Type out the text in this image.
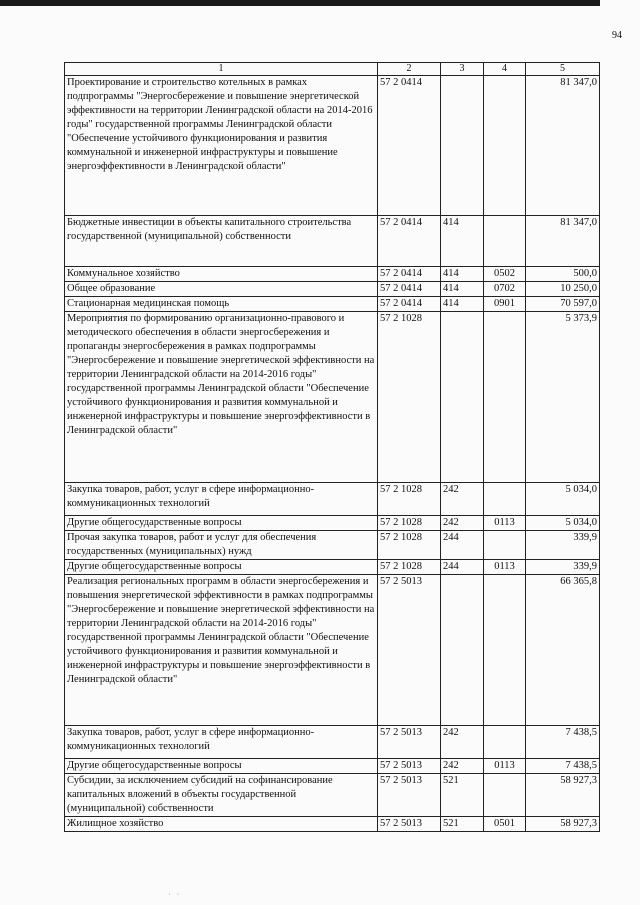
94
1	2	3	4	5
Проектирование и строительство котельных в рамках подпрограммы "Энергосбережение и повышение энергетической эффективности на территории Ленинградской области на 2014-2016 годы" государственной программы Ленинградской области "Обеспечение устойчивого функционирования и развития коммунальной и инженерной инфраструктуры и повышение энергоэффективности в Ленинградской области"	57 2 0414			81 347,0
Бюджетные инвестиции в объекты капитального строительства государственной (муниципальной) собственности	57 2 0414	414		81 347,0
Коммунальное хозяйство	57 2 0414	414	0502	500,0
Общее образование	57 2 0414	414	0702	10 250,0
Стационарная медицинская помощь	57 2 0414	414	0901	70 597,0
Мероприятия по формированию организационно-правового и методического обеспечения в области энергосбережения и пропаганды энергосбережения в рамках подпрограммы "Энергосбережение и повышение энергетической эффективности на территории Ленинградской области на 2014-2016 годы" государственной программы Ленинградской области "Обеспечение устойчивого функционирования и развития коммунальной и инженерной инфраструктуры и повышение энергоэффективности в Ленинградской области"	57 2 1028			5 373,9
Закупка товаров, работ, услуг в сфере информационно-коммуникационных технологий	57 2 1028	242		5 034,0
Другие общегосударственные вопросы	57 2 1028	242	0113	5 034,0
Прочая закупка товаров, работ и услуг для обеспечения государственных (муниципальных) нужд	57 2 1028	244		339,9
Другие общегосударственные вопросы	57 2 1028	244	0113	339,9
Реализация региональных программ в области энергосбережения и повышения энергетической эффективности в рамках подпрограммы "Энергосбережение и повышение энергетической эффективности на территории Ленинградской области на 2014-2016 годы" государственной программы Ленинградской области "Обеспечение устойчивого функционирования и развития коммунальной и инженерной инфраструктуры и повышение энергоэффективности в Ленинградской области"	57 2 5013			66 365,8
Закупка товаров, работ, услуг в сфере информационно-коммуникационных технологий	57 2 5013	242		7 438,5
Другие общегосударственные вопросы	57 2 5013	242	0113	7 438,5
Субсидии, за исключением субсидий на софинансирование капитальных вложений в объекты государственной (муниципальной) собственности	57 2 5013	521		58 927,3
Жилищное хозяйство	57 2 5013	521	0501	58 927,3
· ·
